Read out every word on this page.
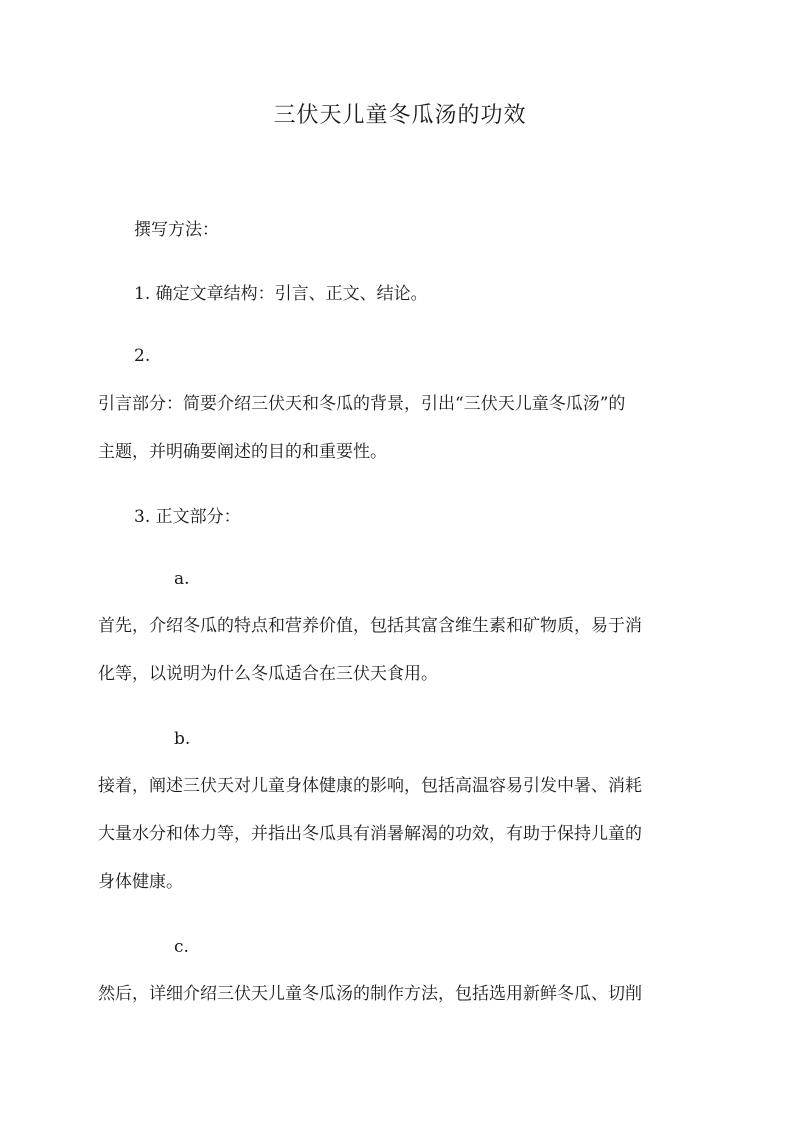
三伏天儿童冬瓜汤的功效
撰写方法：
1. 确定文章结构：引言、正文、结论。
2.
引言部分：简要介绍三伏天和冬瓜的背景，引出“三伏天儿童冬瓜汤”的
主题，并明确要阐述的目的和重要性。
3. 正文部分：
a.
首先，介绍冬瓜的特点和营养价值，包括其富含维生素和矿物质，易于消
化等，以说明为什么冬瓜适合在三伏天食用。
b.
接着，阐述三伏天对儿童身体健康的影响，包括高温容易引发中暑、消耗
大量水分和体力等，并指出冬瓜具有消暑解渴的功效，有助于保持儿童的
身体健康。
c.
然后，详细介绍三伏天儿童冬瓜汤的制作方法，包括选用新鲜冬瓜、切削
